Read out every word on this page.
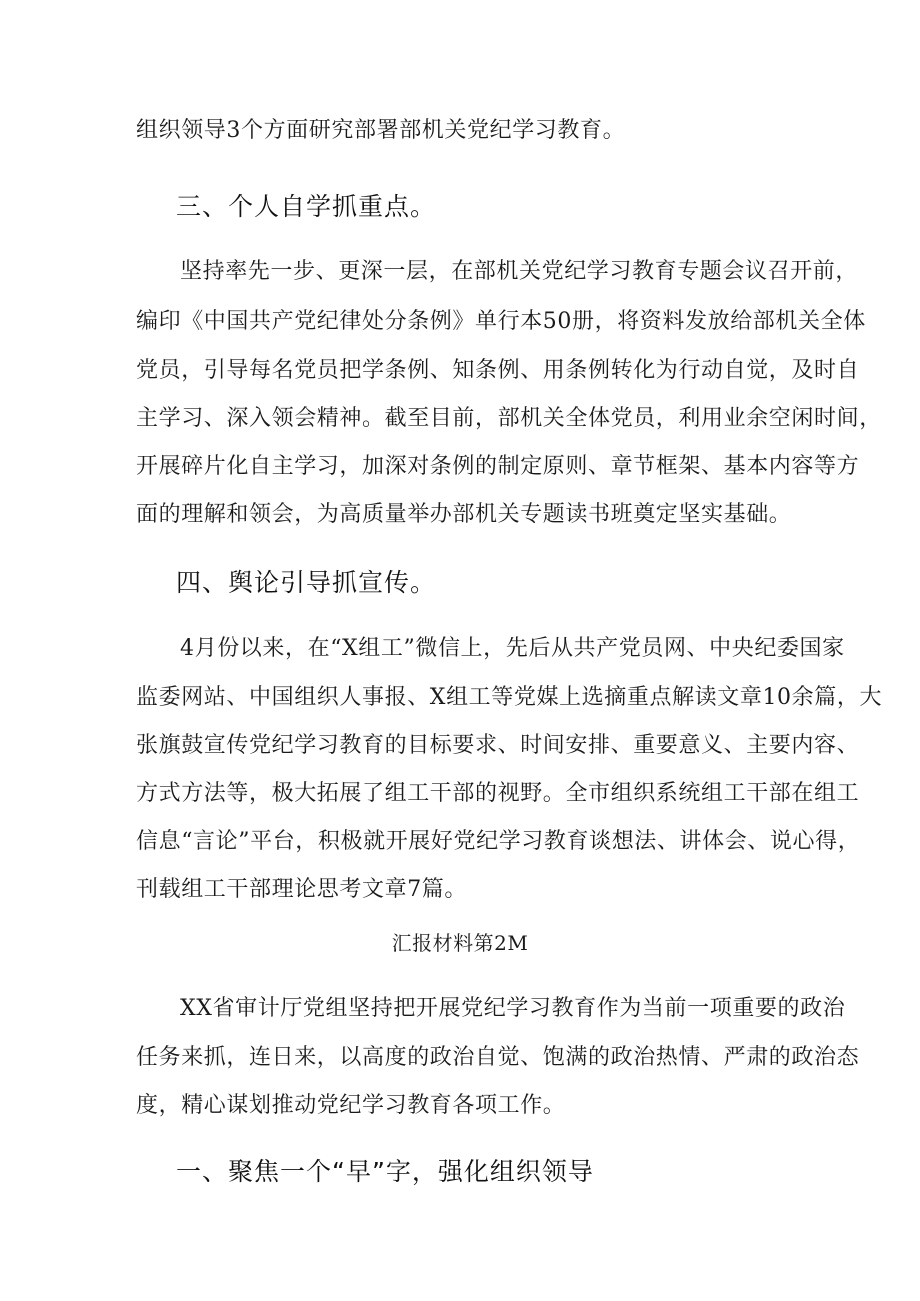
组织领导3个方面研究部署部机关党纪学习教育。
三、个人自学抓重点。
坚持率先一步、更深一层，在部机关党纪学习教育专题会议召开前，
编印《中国共产党纪律处分条例》单行本50册，将资料发放给部机关全体
党员，引导每名党员把学条例、知条例、用条例转化为行动自觉，及时自
主学习、深入领会精神。截至目前，部机关全体党员，利用业余空闲时间，
开展碎片化自主学习，加深对条例的制定原则、章节框架、基本内容等方
面的理解和领会，为高质量举办部机关专题读书班奠定坚实基础。
四、舆论引导抓宣传。
4月份以来，在“X组工”微信上，先后从共产党员网、中央纪委国家
监委网站、中国组织人事报、X组工等党媒上选摘重点解读文章10余篇，大
张旗鼓宣传党纪学习教育的目标要求、时间安排、重要意义、主要内容、
方式方法等，极大拓展了组工干部的视野。全市组织系统组工干部在组工
信息“言论”平台，积极就开展好党纪学习教育谈想法、讲体会、说心得，
刊载组工干部理论思考文章7篇。
汇报材料第2M
XX省审计厅党组坚持把开展党纪学习教育作为当前一项重要的政治
任务来抓，连日来，以高度的政治自觉、饱满的政治热情、严肃的政治态
度，精心谋划推动党纪学习教育各项工作。
一、聚焦一个“早”字，强化组织领导
